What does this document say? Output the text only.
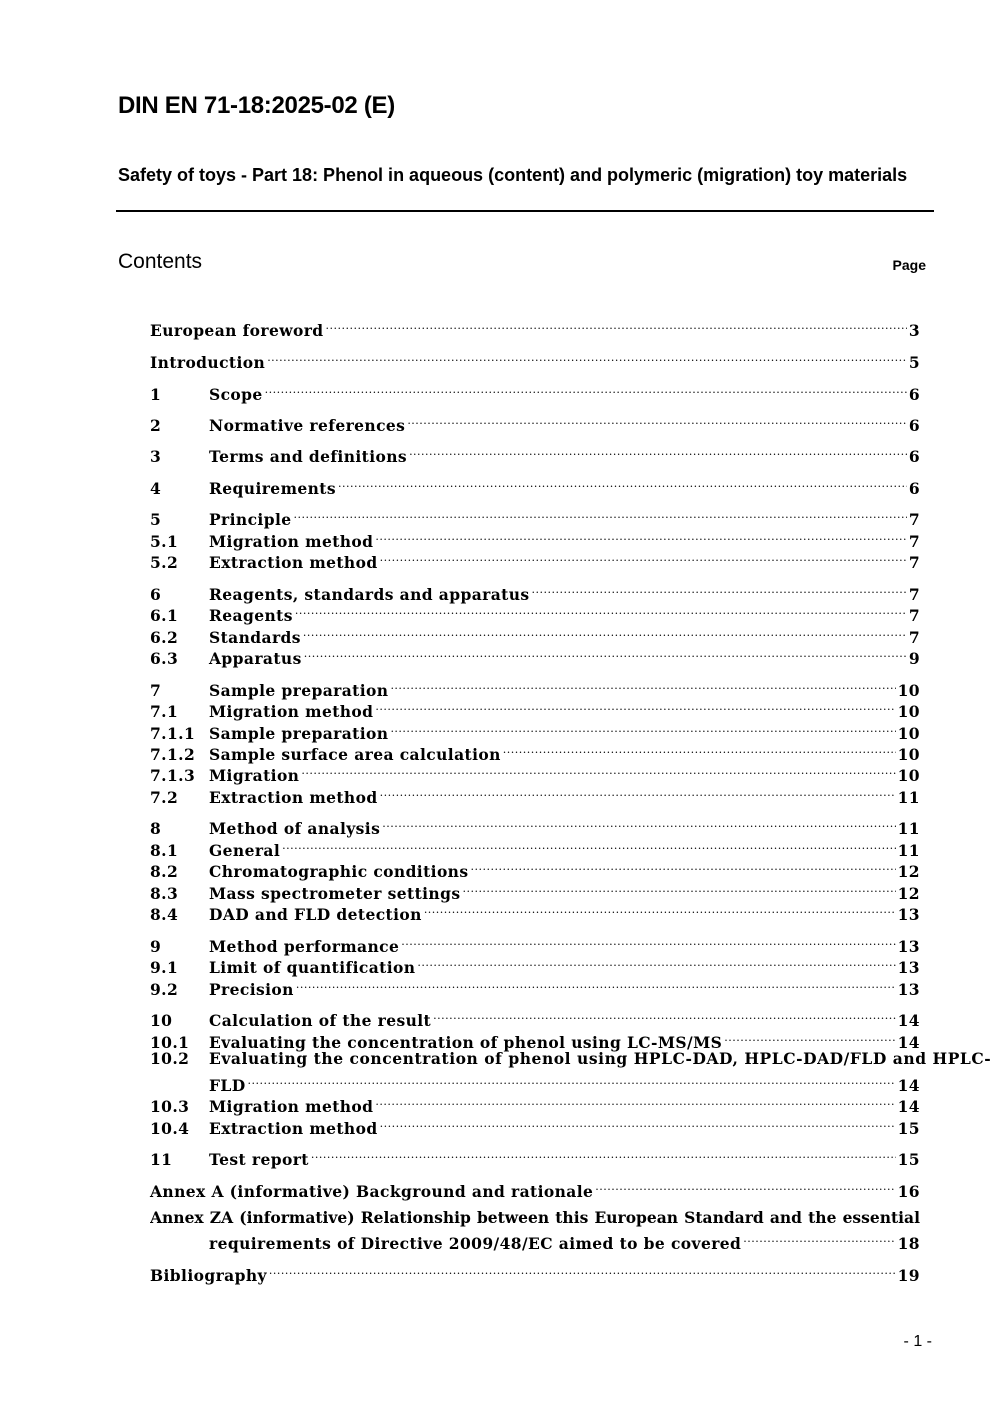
DIN EN 71-18:2025-02 (E)
Safety of toys - Part 18: Phenol in aqueous (content) and polymeric (migration) toy materials
Contents	Page
European foreword .....	3
Introduction .....	5
1	Scope .....	6
2	Normative references .....	6
3	Terms and definitions .....	6
4	Requirements .....	6
5	Principle .....	7
5.1	Migration method .....	7
5.2	Extraction method .....	7
6	Reagents, standards and apparatus .....	7
6.1	Reagents .....	7
6.2	Standards .....	7
6.3	Apparatus .....	9
7	Sample preparation .....	10
7.1	Migration method .....	10
7.1.1 Sample preparation .....	10
7.1.2 Sample surface area calculation .....	10
7.1.3 Migration .....	10
7.2	Extraction method .....	11
8	Method of analysis .....	11
8.1	General .....	11
8.2	Chromatographic conditions .....	12
8.3	Mass spectrometer settings .....	12
8.4	DAD and FLD detection .....	13
9	Method performance .....	13
9.1	Limit of quantification .....	13
9.2	Precision .....	13
10	Calculation of the result .....	14
10.1	Evaluating the concentration of phenol using LC-MS/MS .....	14
10.2	Evaluating the concentration of phenol using HPLC-DAD, HPLC-DAD/FLD and HPLC-
FLD .....	14
10.3	Migration method .....	14
10.4	Extraction method .....	15
11	Test report .....	15
Annex A (informative) Background and rationale .....	16
Annex ZA (informative) Relationship between this European Standard and the essential
requirements of Directive 2009/48/EC aimed to be covered .....	18
Bibliography .....	19
- 1 -
